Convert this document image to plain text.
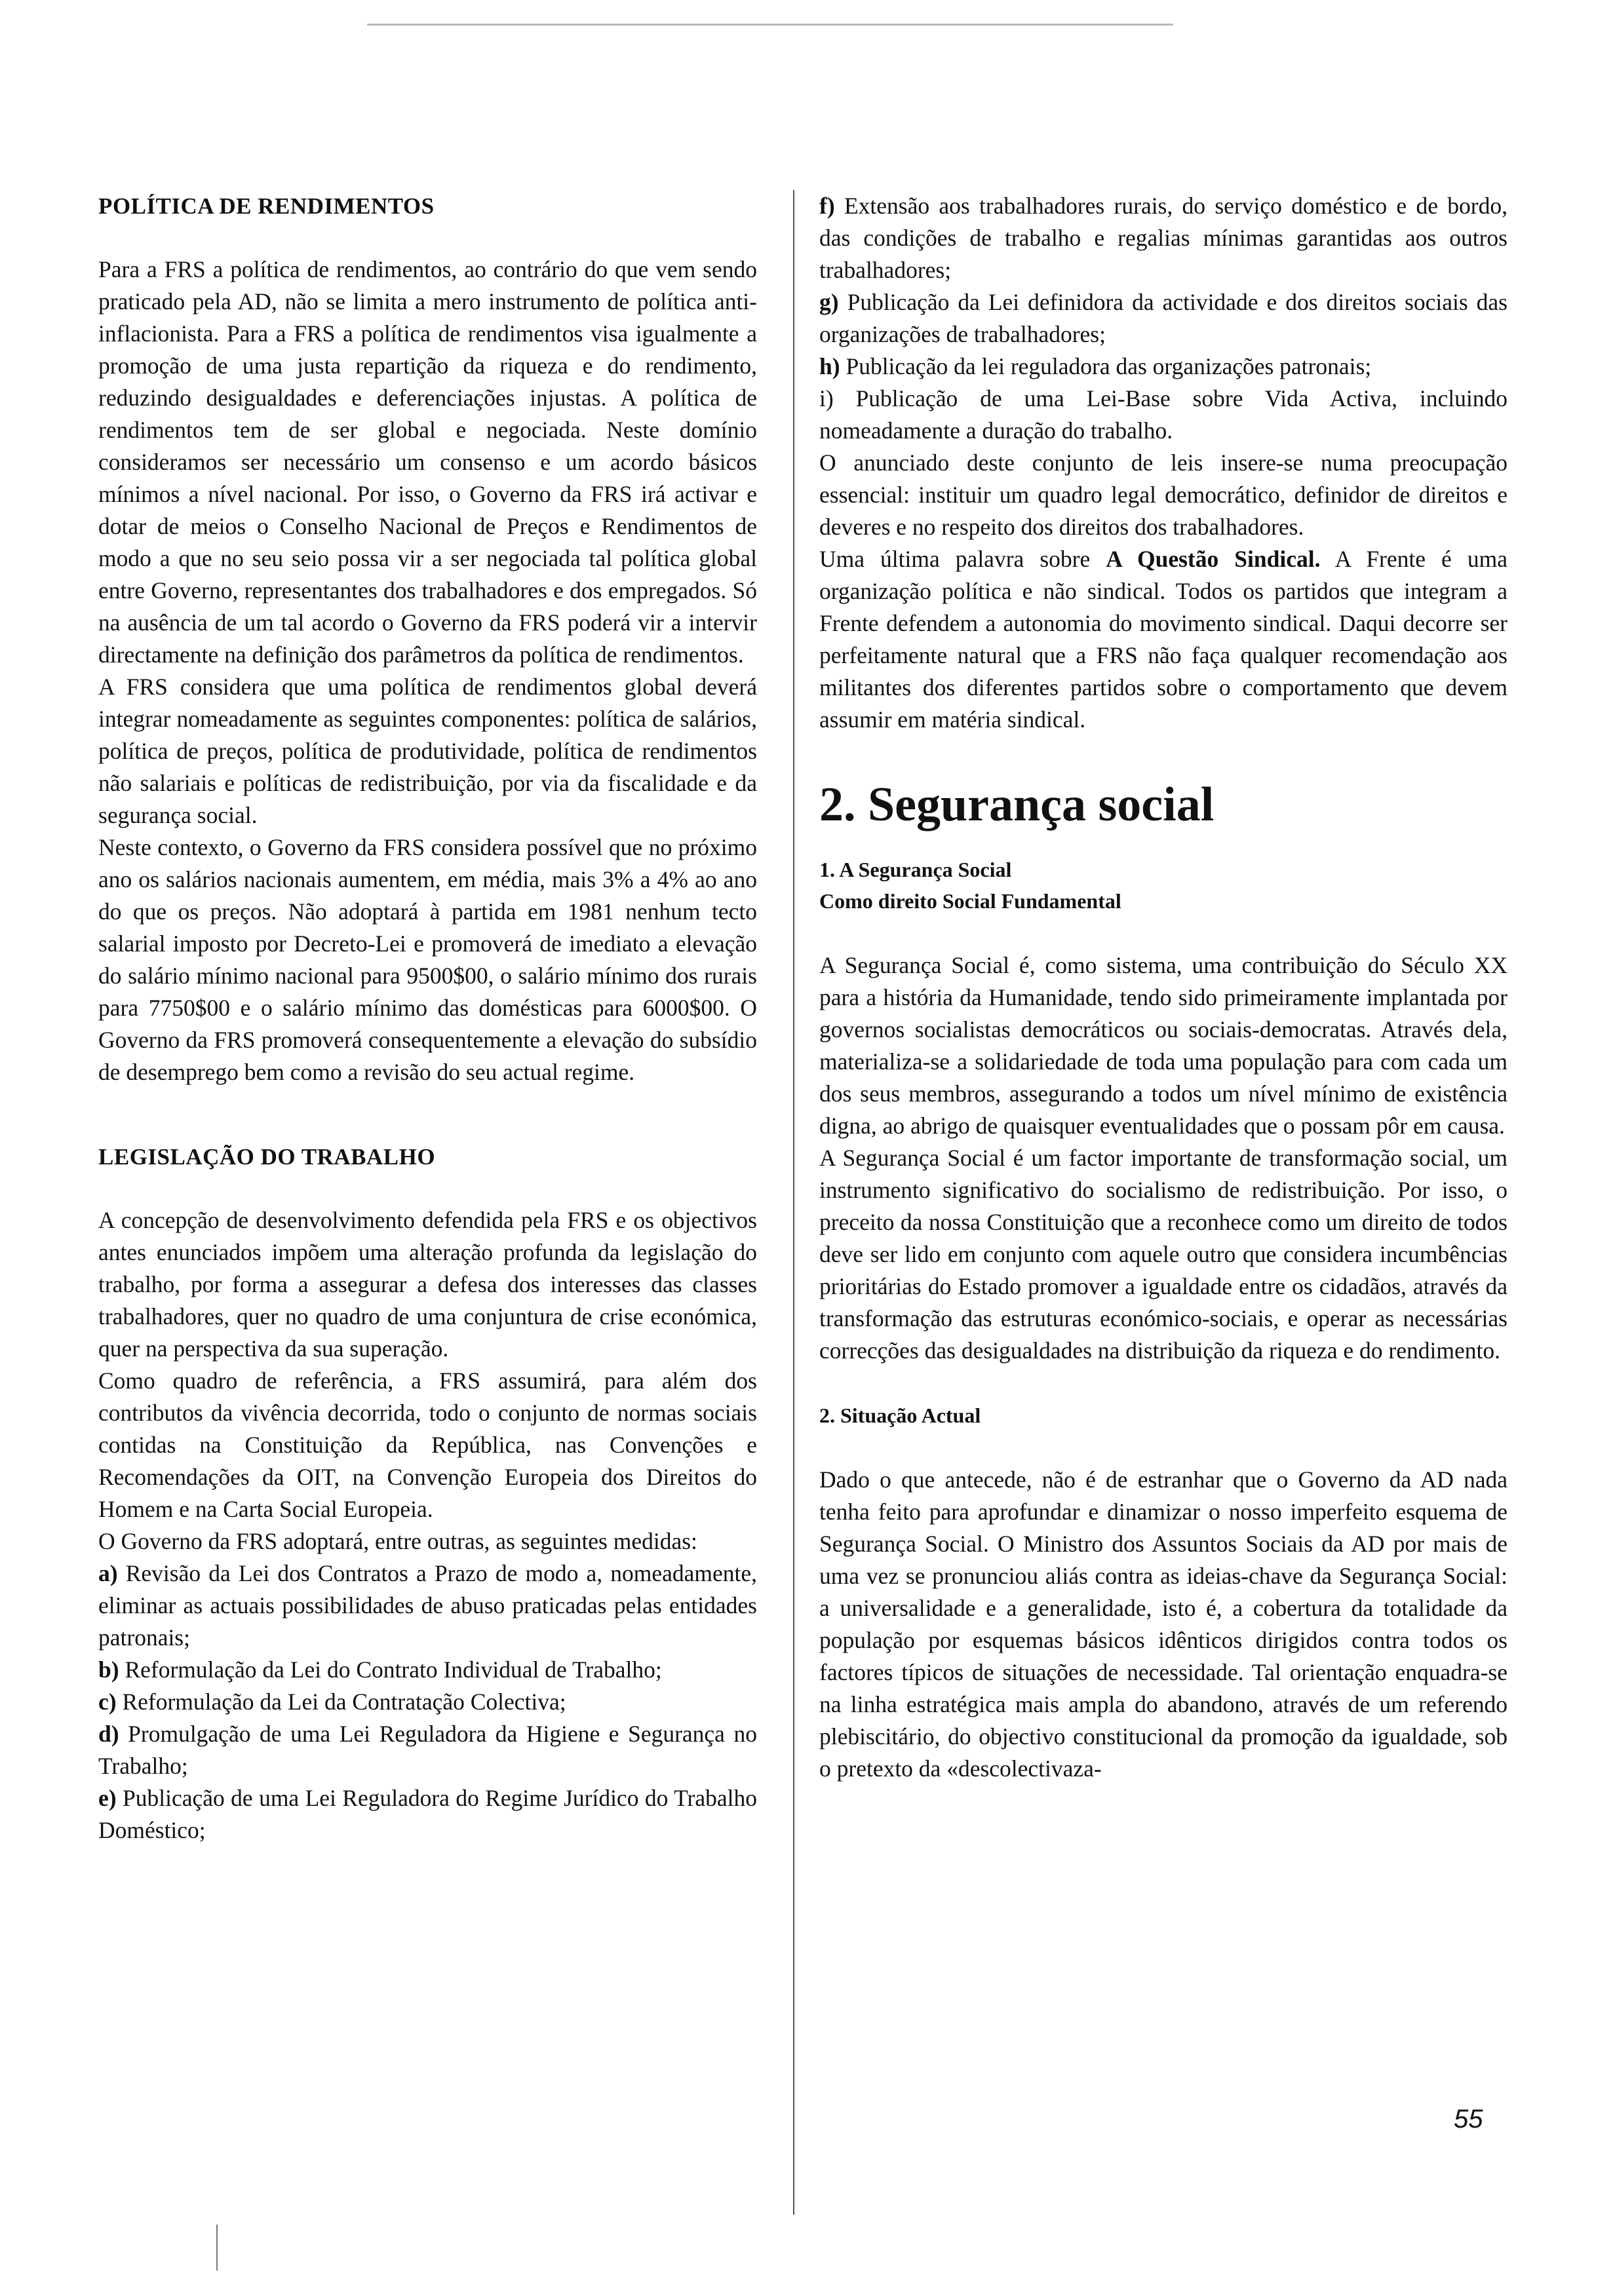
POLÍTICA DE RENDIMENTOS

Para a FRS a política de rendimentos, ao contrário do que vem sendo praticado pela AD, não se limita a mero instrumento de política anti-inflacionista. Para a FRS a política de rendimentos visa igualmente a promoção de uma justa repartição da riqueza e do rendimento, reduzindo desigualdades e deferenciações injustas. A política de rendimentos tem de ser global e negociada. Neste domínio consideramos ser necessário um consenso e um acordo básicos mínimos a nível nacional. Por isso, o Governo da FRS irá activar e dotar de meios o Conselho Nacional de Preços e Rendimentos de modo a que no seu seio possa vir a ser negociada tal política global entre Governo, representantes dos trabalhadores e dos empregados. Só na ausência de um tal acordo o Governo da FRS poderá vir a intervir directamente na definição dos parâmetros da política de rendimentos.

A FRS considera que uma política de rendimentos global deverá integrar nomeadamente as seguintes componentes: política de salários, política de preços, política de produtividade, política de rendimentos não salariais e políticas de redistribuição, por via da fiscalidade e da segurança social.

Neste contexto, o Governo da FRS considera possível que no próximo ano os salários nacionais aumentem, em média, mais 3% a 4% ao ano do que os preços. Não adoptará à partida em 1981 nenhum tecto salarial imposto por Decreto-Lei e promoverá de imediato a elevação do salário mínimo nacional para 9500$00, o salário mínimo dos rurais para 7750$00 e o salário mínimo das domésticas para 6000$00. O Governo da FRS promoverá consequentemente a elevação do subsídio de desemprego bem como a revisão do seu actual regime.

LEGISLAÇÃO DO TRABALHO

A concepção de desenvolvimento defendida pela FRS e os objectivos antes enunciados impõem uma alteração profunda da legislação do trabalho, por forma a assegurar a defesa dos interesses das classes trabalhadores, quer no quadro de uma conjuntura de crise económica, quer na perspectiva da sua superação.

Como quadro de referência, a FRS assumirá, para além dos contributos da vivência decorrida, todo o conjunto de normas sociais contidas na Constituição da República, nas Convenções e Recomendações da OIT, na Convenção Europeia dos Direitos do Homem e na Carta Social Europeia.

O Governo da FRS adoptará, entre outras, as seguintes medidas:

a) Revisão da Lei dos Contratos a Prazo de modo a, nomeadamente, eliminar as actuais possibilidades de abuso praticadas pelas entidades patronais;

b) Reformulação da Lei do Contrato Individual de Trabalho;

c) Reformulação da Lei da Contratação Colectiva;

d) Promulgação de uma Lei Reguladora da Higiene e Segurança no Trabalho;

e) Publicação de uma Lei Reguladora do Regime Jurídico do Trabalho Doméstico;

f) Extensão aos trabalhadores rurais, do serviço doméstico e de bordo, das condições de trabalho e regalias mínimas garantidas aos outros trabalhadores;

g) Publicação da Lei definidora da actividade e dos direitos sociais das organizações de trabalhadores;

h) Publicação da lei reguladora das organizações patronais;

i) Publicação de uma Lei-Base sobre Vida Activa, incluindo nomeadamente a duração do trabalho.

O anunciado deste conjunto de leis insere-se numa preocupação essencial: instituir um quadro legal democrático, definidor de direitos e deveres e no respeito dos direitos dos trabalhadores.

Uma última palavra sobre A Questão Sindical. A Frente é uma organização política e não sindical. Todos os partidos que integram a Frente defendem a autonomia do movimento sindical. Daqui decorre ser perfeitamente natural que a FRS não faça qualquer recomendação aos militantes dos diferentes partidos sobre o comportamento que devem assumir em matéria sindical.

2. Segurança social
1. A Segurança Social
Como direito Social Fundamental

A Segurança Social é, como sistema, uma contribuição do Século XX para a história da Humanidade, tendo sido primeiramente implantada por governos socialistas democráticos ou sociais-democratas. Através dela, materializa-se a solidariedade de toda uma população para com cada um dos seus membros, assegurando a todos um nível mínimo de existência digna, ao abrigo de quaisquer eventualidades que o possam pôr em causa.

A Segurança Social é um factor importante de transformação social, um instrumento significativo do socialismo de redistribuição. Por isso, o preceito da nossa Constituição que a reconhece como um direito de todos deve ser lido em conjunto com aquele outro que considera incumbências prioritárias do Estado promover a igualdade entre os cidadãos, através da transformação das estruturas económico-sociais, e operar as necessárias correcções das desigualdades na distribuição da riqueza e do rendimento.

2. Situação Actual

Dado o que antecede, não é de estranhar que o Governo da AD nada tenha feito para aprofundar e dinamizar o nosso imperfeito esquema de Segurança Social. O Ministro dos Assuntos Sociais da AD por mais de uma vez se pronunciou aliás contra as ideias-chave da Segurança Social: a universalidade e a generalidade, isto é, a cobertura da totalidade da população por esquemas básicos idênticos dirigidos contra todos os factores típicos de situações de necessidade. Tal orientação enquadra-se na linha estratégica mais ampla do abandono, através de um referendo plebiscitário, do objectivo constitucional da promoção da igualdade, sob o pretexto da «descolectivaza-

55
